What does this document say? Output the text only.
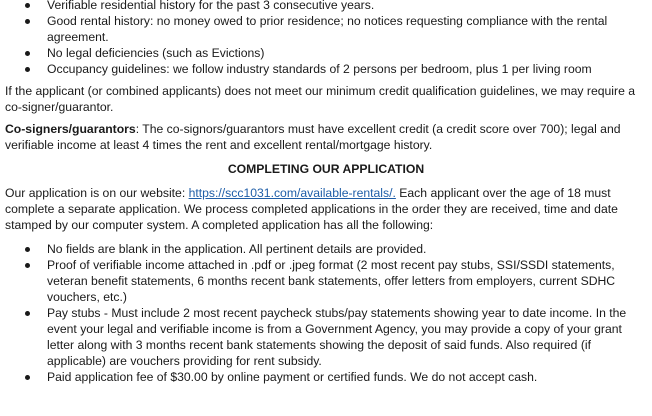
Verifiable residential history for the past 3 consecutive years.
Good rental history: no money owed to prior residence; no notices requesting compliance with the rental agreement.
No legal deficiencies (such as Evictions)
Occupancy guidelines: we follow industry standards of 2 persons per bedroom, plus 1 per living room

If the applicant (or combined applicants) does not meet our minimum credit qualification guidelines, we may require a co-signer/guarantor.

Co-signers/guarantors: The co-signors/guarantors must have excellent credit (a credit score over 700); legal and verifiable income at least 4 times the rent and excellent rental/mortgage history.

COMPLETING OUR APPLICATION

Our application is on our website: https://scc1031.com/available-rentals/. Each applicant over the age of 18 must complete a separate application. We process completed applications in the order they are received, time and date stamped by our computer system. A completed application has all the following:

No fields are blank in the application. All pertinent details are provided.
Proof of verifiable income attached in .pdf or .jpeg format (2 most recent pay stubs, SSI/SSDI statements, veteran benefit statements, 6 months recent bank statements, offer letters from employers, current SDHC vouchers, etc.)
Pay stubs - Must include 2 most recent paycheck stubs/pay statements showing year to date income. In the event your legal and verifiable income is from a Government Agency, you may provide a copy of your grant letter along with 3 months recent bank statements showing the deposit of said funds. Also required (if applicable) are vouchers providing for rent subsidy.
Paid application fee of $30.00 by online payment or certified funds. We do not accept cash.
